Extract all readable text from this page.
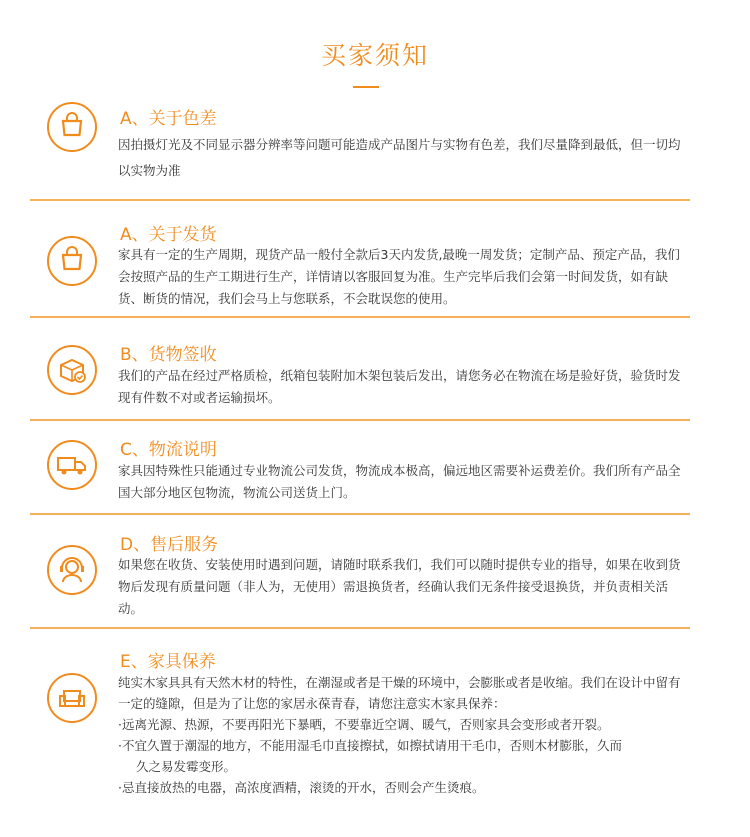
买家须知
A、关于色差

因拍摄灯光及不同显示器分辨率等问题可能造成产品图片与实物有色差，我们尽量降到最低，但一切均以实物为准

A、关于发货

家具有一定的生产周期，现货产品一般付全款后3天内发货,最晚一周发货；定制产品、预定产品，我们会按照产品的生产工期进行生产，详情请以客服回复为准。生产完毕后我们会第一时间发货，如有缺货、断货的情况，我们会马上与您联系，不会耽误您的使用。

B、货物签收

我们的产品在经过严格质检，纸箱包装附加木架包装后发出，请您务必在物流在场是验好货，验货时发现有件数不对或者运输损坏。

C、物流说明

家具因特殊性只能通过专业物流公司发货，物流成本极高，偏远地区需要补运费差价。我们所有产品全国大部分地区包物流，物流公司送货上门。

D、售后服务

如果您在收货、安装使用时遇到问题，请随时联系我们，我们可以随时提供专业的指导，如果在收到货物后发现有质量问题（非人为，无使用）需退换货者，经确认我们无条件接受退换货，并负责相关活动。

E、家具保养

纯实木家具具有天然木材的特性，在潮湿或者是干燥的环境中，会膨胀或者是收缩。我们在设计中留有一定的缝隙，但是为了让您的家居永葆青春，请您注意实木家具保养：

·远离光源、热源，不要再阳光下暴晒，不要靠近空调、暖气，否则家具会变形或者开裂。

·不宜久置于潮湿的地方，不能用湿毛巾直接擦拭，如擦拭请用干毛巾，否则木材膨胀，久而

久之易发霉变形。

·忌直接放热的电器，高浓度酒精，滚烫的开水，否则会产生烫痕。
